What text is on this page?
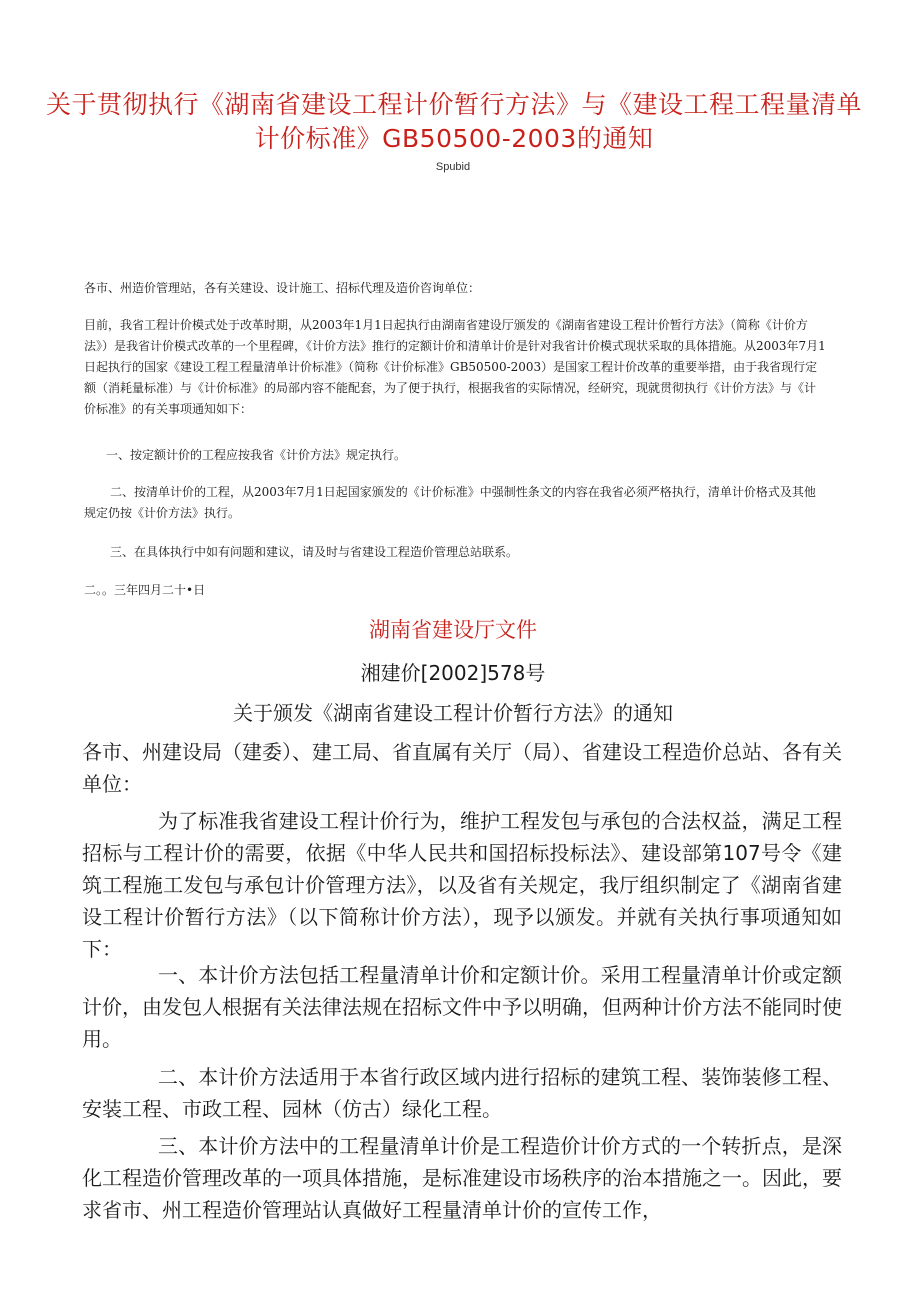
关于贯彻执行《湖南省建设工程计价暂行方法》与《建设工程工程量清单
计价标准》GB50500-2003的通知
Spubid

各市、州造价管理站，各有关建设、设计施工、招标代理及造价咨询单位：

目前，我省工程计价模式处于改革时期，从2003年1月1日起执行由湖南省建设厅颁发的《湖南省建设工程计价暂行方法》（简称《计价方法》）是我省计价模式改革的一个里程碑，《计价方法》推行的定额计价和清单计价是针对我省计价模式现状采取的具体措施。从2003年7月1日起执行的国家《建设工程工程量清单计价标准》（简称《计价标准》GB50500-2003）是国家工程计价改革的重要举措，由于我省现行定额（消耗量标准）与《计价标准》的局部内容不能配套，为了便于执行，根据我省的实际情况，经研究，现就贯彻执行《计价方法》与《计价标准》的有关事项通知如下：

一、按定额计价的工程应按我省《计价方法》规定执行。

二、按清单计价的工程，从2003年7月1日起国家颁发的《计价标准》中强制性条文的内容在我省必须严格执行，清单计价格式及其他规定仍按《计价方法》执行。

三、在具体执行中如有问题和建议，请及时与省建设工程造价管理总站联系。

二。。三年四月二十•日
湖南省建设厅文件
湘建价[2002]578号
关于颁发《湖南省建设工程计价暂行方法》的通知

各市、州建设局（建委）、建工局、省直属有关厅（局）、省建设工程造价总站、各有关单位：

为了标准我省建设工程计价行为，维护工程发包与承包的合法权益，满足工程招标与工程计价的需要，依据《中华人民共和国招标投标法》、建设部第107号令《建筑工程施工发包与承包计价管理方法》，以及省有关规定，我厅组织制定了《湖南省建设工程计价暂行方法》（以下简称计价方法），现予以颁发。并就有关执行事项通知如下：

一、本计价方法包括工程量清单计价和定额计价。采用工程量清单计价或定额计价，由发包人根据有关法律法规在招标文件中予以明确，但两种计价方法不能同时使用。

二、本计价方法适用于本省行政区域内进行招标的建筑工程、装饰装修工程、安装工程、市政工程、园林（仿古）绿化工程。

三、本计价方法中的工程量清单计价是工程造价计价方式的一个转折点，是深化工程造价管理改革的一项具体措施，是标准建设市场秩序的治本措施之一。因此，要求省市、州工程造价管理站认真做好工程量清单计价的宣传工作，
